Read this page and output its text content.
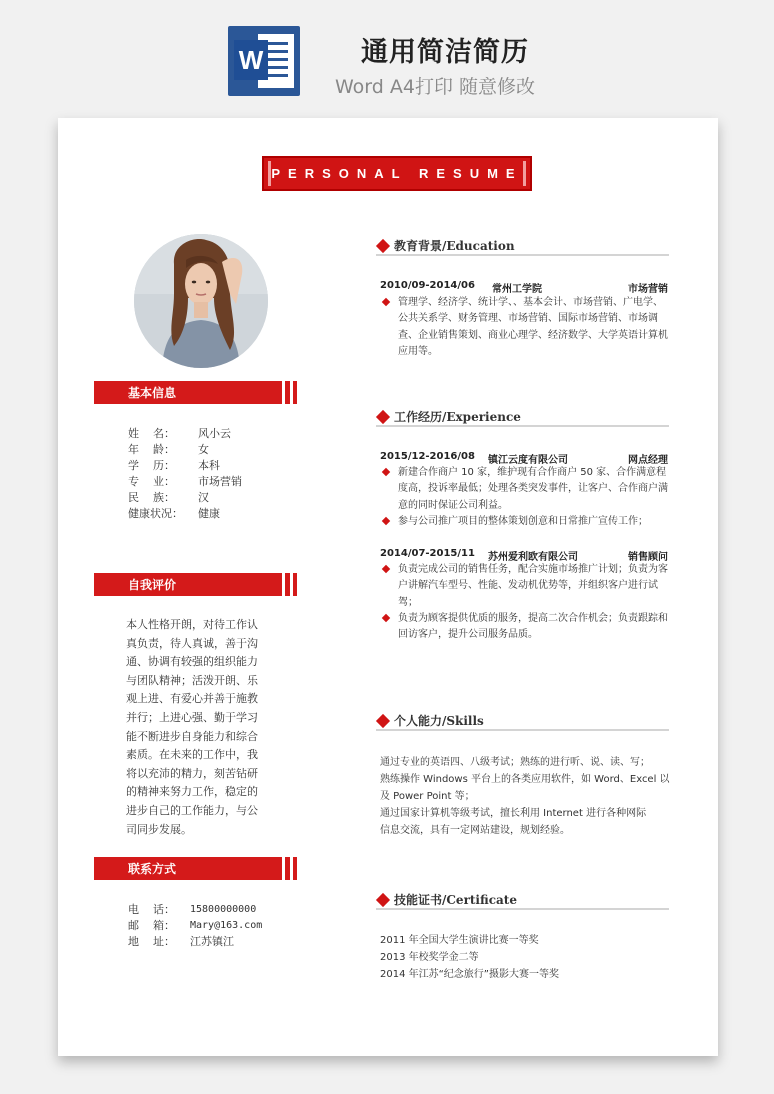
W	通用简洁简历
Word A4打印 随意修改
PERSONAL RESUME
基本信息
姓    名：	风小云
年    龄：	女
学    历：	本科
专    业：	市场营销
民    族：	汉
健康状况：	健康
自我评价
本人性格开朗，对待工作认真负责，待人真诚，善于沟通、协调有较强的组织能力与团队精神；活泼开朗、乐观上进、有爱心并善于施教并行；上进心强、勤于学习能不断进步自身能力和综合素质。在未来的工作中，我将以充沛的精力，刻苦钻研的精神来努力工作，稳定的进步自己的工作能力，与公司同步发展。
联系方式
电    话：	15800000000
邮    箱：	Mary@163.com
地    址：	江苏镇江
教育背景/Education
2010/09-2014/06 常州工学院	市场营销
管理学、经济学、统计学、、基本会计、市场营销、广电学、公共关系学、财务管理、市场营销、国际市场营销、市场调查、企业销售策划、商业心理学、经济数学、大学英语计算机应用等。
工作经历/Experience
2015/12-2016/08 镇江云度有限公司	网点经理
新建合作商户 10 家，维护现有合作商户 50 家、合作满意程度高，投诉率最低；处理各类突发事件，让客户、合作商户满意的同时保证公司利益。
参与公司推广项目的整体策划创意和日常推广宣传工作；
2014/07-2015/11 苏州爱利欧有限公司	销售顾问
负责完成公司的销售任务，配合实施市场推广计划；负责为客户讲解汽车型号、性能、发动机优势等，并组织客户进行试驾；
负责为顾客提供优质的服务，提高二次合作机会；负责跟踪和回访客户，提升公司服务品质。
个人能力/Skills
通过专业的英语四、八级考试；熟练的进行听、说、读、写；
熟练操作 Windows 平台上的各类应用软件，如 Word、Excel 以
及 Power Point 等；
通过国家计算机等级考试，擅长利用 Internet 进行各种网际
信息交流，具有一定网站建设，规划经验。
技能证书/Certificate
2011 年全国大学生演讲比赛一等奖
2013 年校奖学金二等
2014 年江苏“纪念旅行”摄影大赛一等奖
